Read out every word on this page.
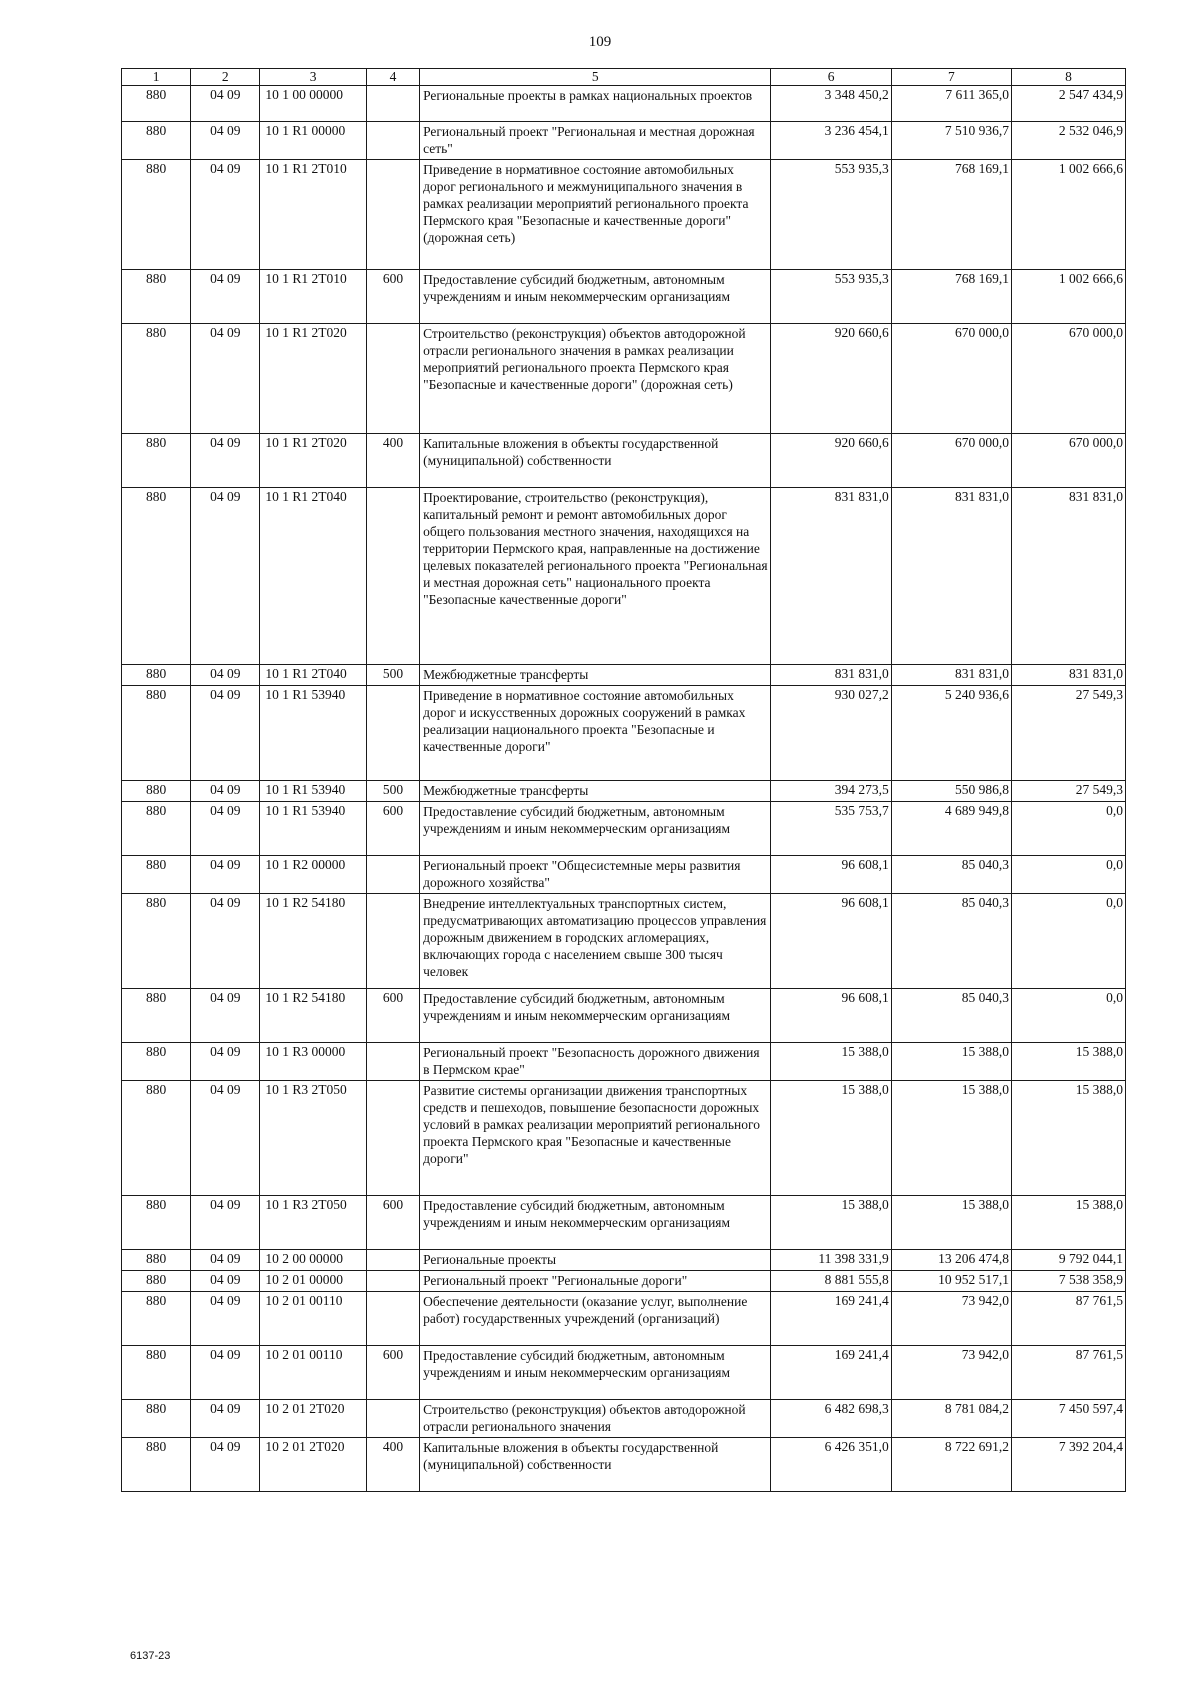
109
1	2	3	4	5	6	7	8
880	04 09	10 1 00 00000		Региональные проекты в рамках национальных проектов	3 348 450,2	7 611 365,0	2 547 434,9
880	04 09	10 1 R1 00000		Региональный проект "Региональная и местная дорожная сеть"	3 236 454,1	7 510 936,7	2 532 046,9
880	04 09	10 1 R1 2Т010		Приведение в нормативное состояние автомобильных дорог регионального и межмуниципального значения в рамках реализации мероприятий регионального проекта Пермского края "Безопасные и качественные дороги" (дорожная сеть)	553 935,3	768 169,1	1 002 666,6
880	04 09	10 1 R1 2Т010	600	Предоставление субсидий бюджетным, автономным учреждениям и иным некоммерческим организациям	553 935,3	768 169,1	1 002 666,6
880	04 09	10 1 R1 2Т020		Строительство (реконструкция) объектов автодорожной отрасли регионального значения в рамках реализации мероприятий регионального проекта Пермского края "Безопасные и качественные дороги" (дорожная сеть)	920 660,6	670 000,0	670 000,0
880	04 09	10 1 R1 2Т020	400	Капитальные вложения в объекты государственной (муниципальной) собственности	920 660,6	670 000,0	670 000,0
880	04 09	10 1 R1 2Т040		Проектирование, строительство (реконструкция), капитальный ремонт и ремонт автомобильных дорог общего пользования местного значения, находящихся на территории Пермского края, направленные на достижение целевых показателей регионального проекта "Региональная и местная дорожная сеть" национального проекта "Безопасные качественные дороги"	831 831,0	831 831,0	831 831,0
880	04 09	10 1 R1 2Т040	500	Межбюджетные трансферты	831 831,0	831 831,0	831 831,0
880	04 09	10 1 R1 53940		Приведение в нормативное состояние автомобильных дорог и искусственных дорожных сооружений в рамках реализации национального проекта "Безопасные и качественные дороги"	930 027,2	5 240 936,6	27 549,3
880	04 09	10 1 R1 53940	500	Межбюджетные трансферты	394 273,5	550 986,8	27 549,3
880	04 09	10 1 R1 53940	600	Предоставление субсидий бюджетным, автономным учреждениям и иным некоммерческим организациям	535 753,7	4 689 949,8	0,0
880	04 09	10 1 R2 00000		Региональный проект "Общесистемные меры развития дорожного хозяйства"	96 608,1	85 040,3	0,0
880	04 09	10 1 R2 54180		Внедрение интеллектуальных транспортных систем, предусматривающих автоматизацию процессов управления дорожным движением в городских агломерациях, включающих города с населением свыше 300 тысяч человек	96 608,1	85 040,3	0,0
880	04 09	10 1 R2 54180	600	Предоставление субсидий бюджетным, автономным учреждениям и иным некоммерческим организациям	96 608,1	85 040,3	0,0
880	04 09	10 1 R3 00000		Региональный проект "Безопасность дорожного движения в Пермском крае"	15 388,0	15 388,0	15 388,0
880	04 09	10 1 R3 2Т050		Развитие системы организации движения транспортных средств и пешеходов, повышение безопасности дорожных условий в рамках реализации мероприятий регионального проекта Пермского края "Безопасные и качественные дороги"	15 388,0	15 388,0	15 388,0
880	04 09	10 1 R3 2Т050	600	Предоставление субсидий бюджетным, автономным учреждениям и иным некоммерческим организациям	15 388,0	15 388,0	15 388,0
880	04 09	10 2 00 00000		Региональные проекты	11 398 331,9	13 206 474,8	9 792 044,1
880	04 09	10 2 01 00000		Региональный проект "Региональные дороги"	8 881 555,8	10 952 517,1	7 538 358,9
880	04 09	10 2 01 00110		Обеспечение деятельности (оказание услуг, выполнение работ) государственных учреждений (организаций)	169 241,4	73 942,0	87 761,5
880	04 09	10 2 01 00110	600	Предоставление субсидий бюджетным, автономным учреждениям и иным некоммерческим организациям	169 241,4	73 942,0	87 761,5
880	04 09	10 2 01 2Т020		Строительство (реконструкция) объектов автодорожной отрасли регионального значения	6 482 698,3	8 781 084,2	7 450 597,4
880	04 09	10 2 01 2Т020	400	Капитальные вложения в объекты государственной (муниципальной) собственности	6 426 351,0	8 722 691,2	7 392 204,4
6137-23
